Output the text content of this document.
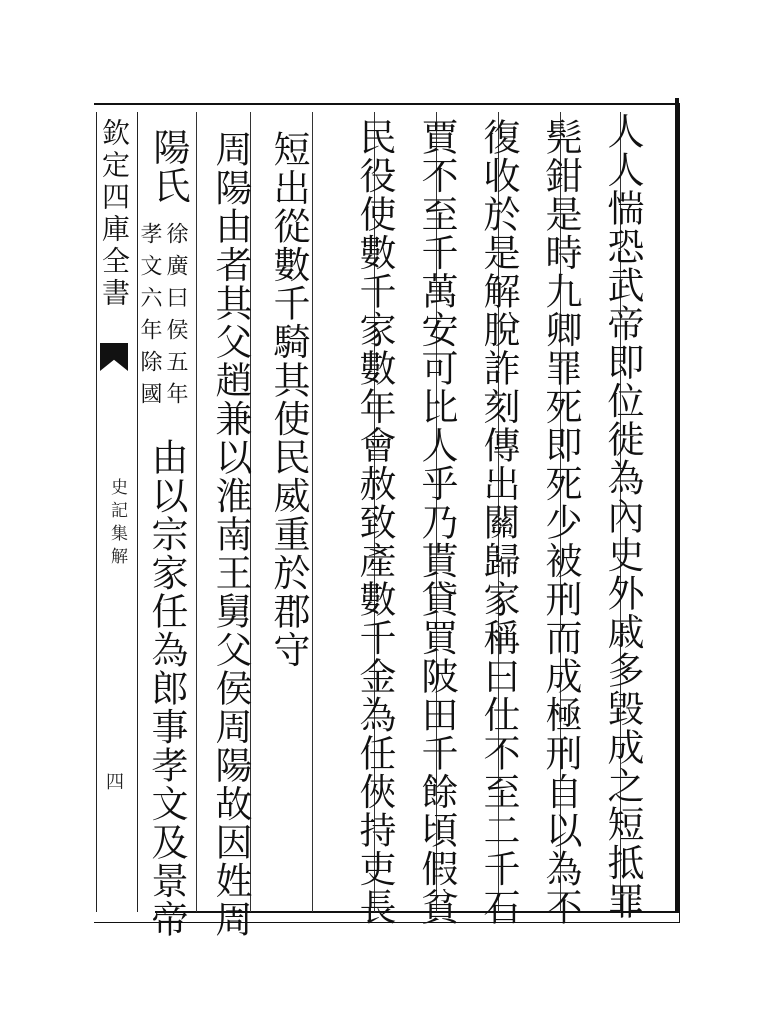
欽定四庫全書
史記集解
四	人人惴恐武帝即位徙為內史外戚多毀成之短抵罪
髡鉗是時九卿罪死即死少被刑而成極刑自以為不
復收於是解脫詐刻傳出關歸家稱曰仕不至二千石
賈不至千萬安可比人乎乃貰貸買陂田千餘頃假貧
民役使數千家數年會赦致產數千金為任俠持吏長
短出從數千騎其使民威重於郡守
周陽由者其父趙兼以淮南王舅父侯周陽故因姓周
陽氏
徐廣曰侯五年
孝文六年除國
由以宗家任為郎事孝文及景帝
